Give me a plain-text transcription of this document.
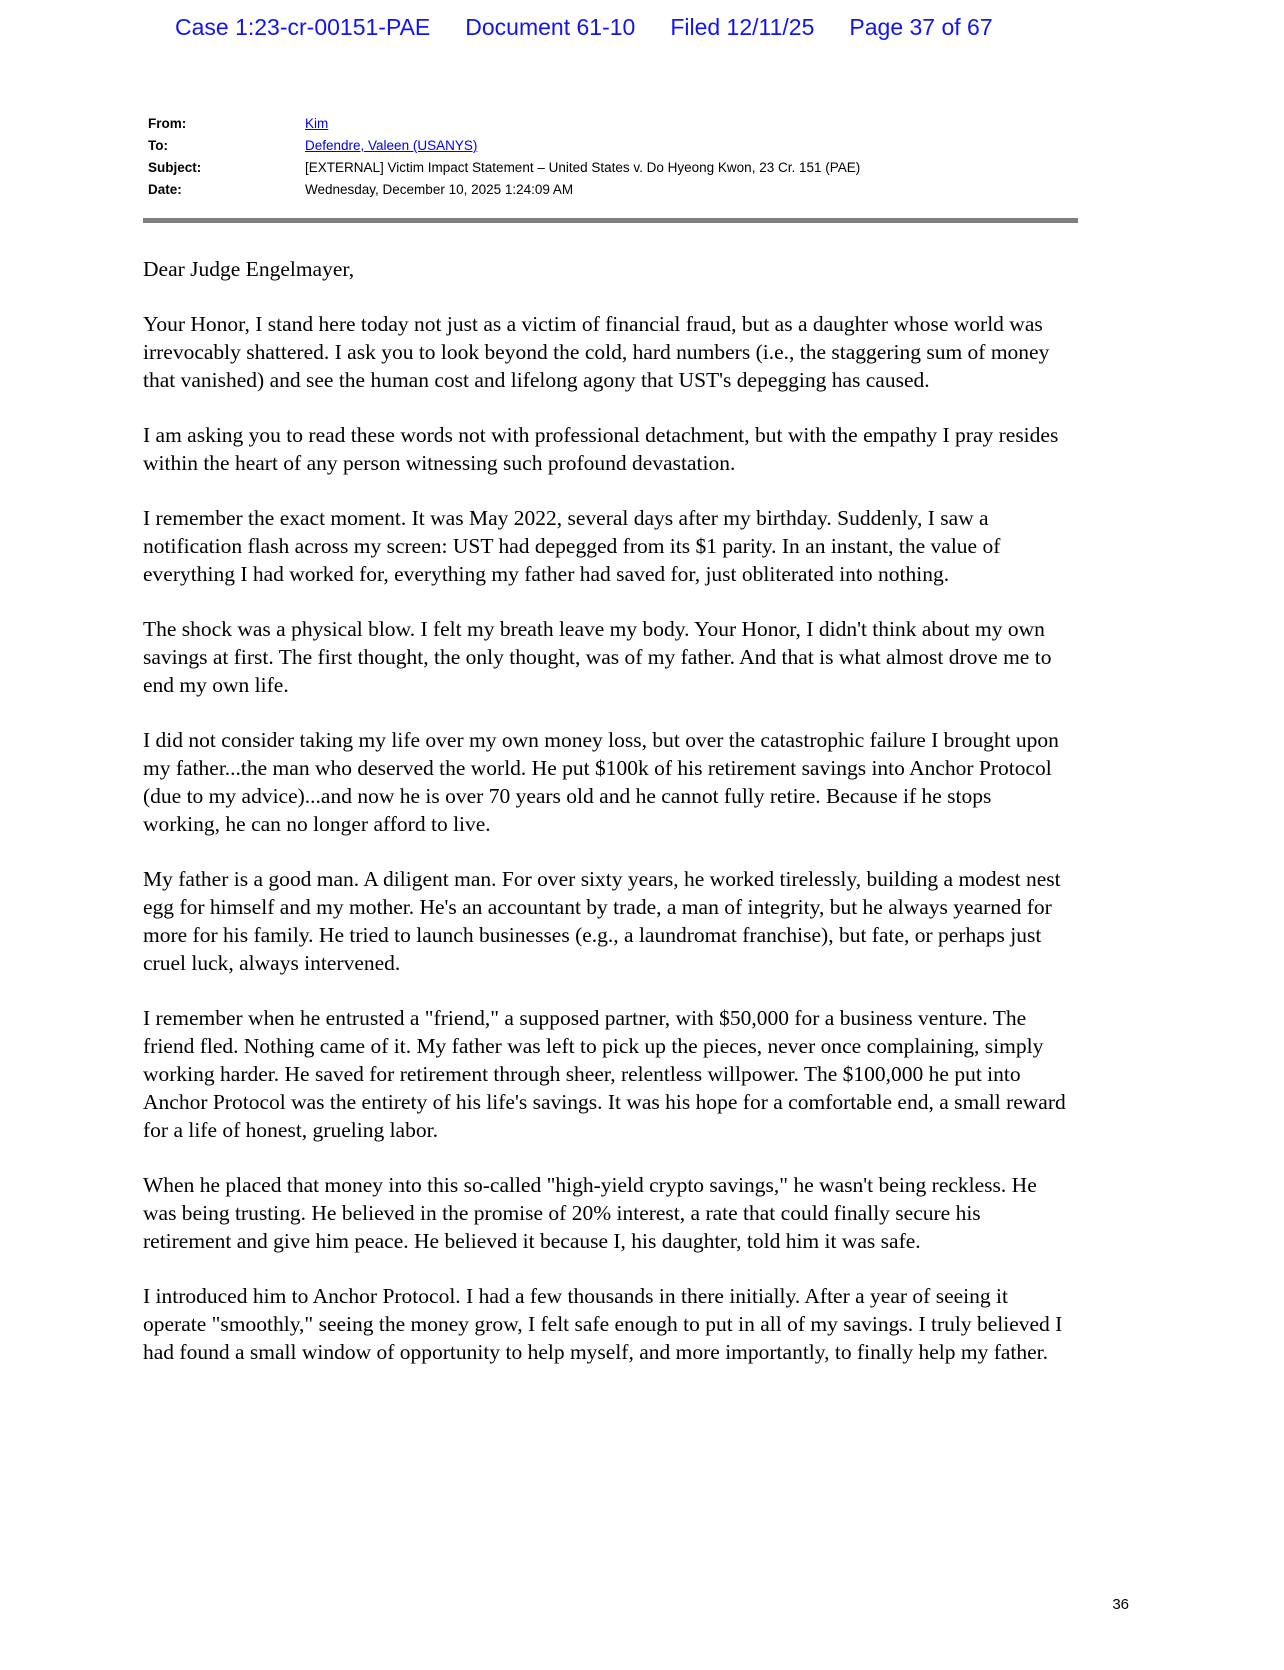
Case 1:23-cr-00151-PAE Document 61-10 Filed 12/11/25 Page 37 of 67
From:	Kim
To:	Defendre, Valeen (USANYS)
Subject:	[EXTERNAL] Victim Impact Statement – United States v. Do Hyeong Kwon, 23 Cr. 151 (PAE)
Date:	Wednesday, December 10, 2025 1:24:09 AM

Dear Judge Engelmayer,

Your Honor, I stand here today not just as a victim of financial fraud, but as a daughter whose world was irrevocably shattered. I ask you to look beyond the cold, hard numbers (i.e., the staggering sum of money that vanished) and see the human cost and lifelong agony that UST's depegging has caused.

I am asking you to read these words not with professional detachment, but with the empathy I pray resides within the heart of any person witnessing such profound devastation.

I remember the exact moment. It was May 2022, several days after my birthday. Suddenly, I saw a notification flash across my screen: UST had depegged from its $1 parity. In an instant, the value of everything I had worked for, everything my father had saved for, just obliterated into nothing.

The shock was a physical blow. I felt my breath leave my body. Your Honor, I didn't think about my own savings at first. The first thought, the only thought, was of my father. And that is what almost drove me to end my own life.

I did not consider taking my life over my own money loss, but over the catastrophic failure I brought upon my father...the man who deserved the world. He put $100k of his retirement savings into Anchor Protocol (due to my advice)...and now he is over 70 years old and he cannot fully retire. Because if he stops working, he can no longer afford to live.

My father is a good man. A diligent man. For over sixty years, he worked tirelessly, building a modest nest egg for himself and my mother. He's an accountant by trade, a man of integrity, but he always yearned for more for his family. He tried to launch businesses (e.g., a laundromat franchise), but fate, or perhaps just cruel luck, always intervened.

I remember when he entrusted a "friend," a supposed partner, with $50,000 for a business venture. The friend fled. Nothing came of it. My father was left to pick up the pieces, never once complaining, simply working harder. He saved for retirement through sheer, relentless willpower. The $100,000 he put into Anchor Protocol was the entirety of his life's savings. It was his hope for a comfortable end, a small reward for a life of honest, grueling labor.

When he placed that money into this so-called "high-yield crypto savings," he wasn't being reckless. He was being trusting. He believed in the promise of 20% interest, a rate that could finally secure his retirement and give him peace. He believed it because I, his daughter, told him it was safe.

I introduced him to Anchor Protocol. I had a few thousands in there initially. After a year of seeing it operate "smoothly," seeing the money grow, I felt safe enough to put in all of my savings. I truly believed I had found a small window of opportunity to help myself, and more importantly, to finally help my father.

36
